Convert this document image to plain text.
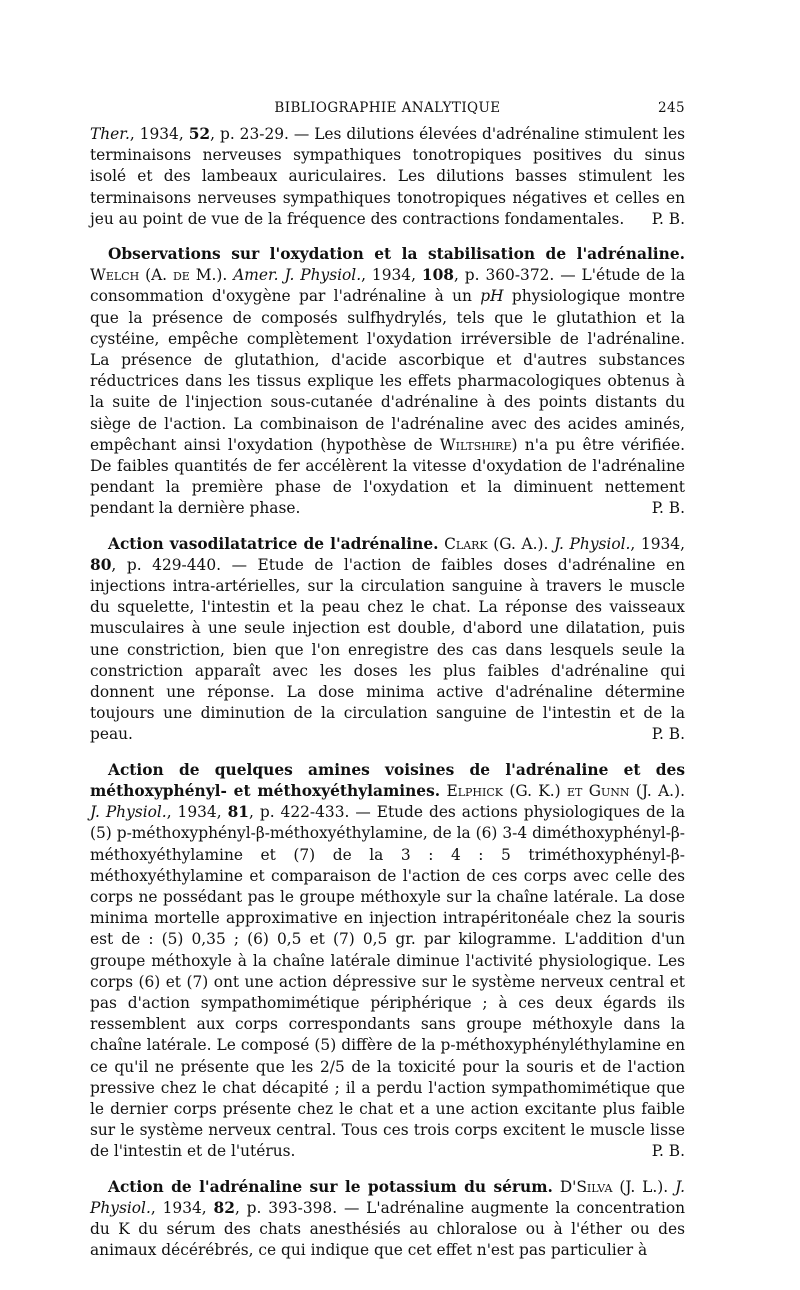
BIBLIOGRAPHIE ANALYTIQUE	245

Ther., 1934, 52, p. 23-29. — Les dilutions élevées d'adrénaline stimulent les terminaisons nerveuses sympathiques tonotropiques positives du sinus isolé et des lambeaux auriculaires. Les dilutions basses stimulent les terminaisons nerveuses sympathiques tonotropiques négatives et celles en jeu au point de vue de la fréquence des contractions fondamentales. P. B.

Observations sur l'oxydation et la stabilisation de l'adrénaline. Welch (A. de M.). Amer. J. Physiol., 1934, 108, p. 360-372. — L'étude de la consommation d'oxygène par l'adrénaline à un pH physiologique montre que la présence de composés sulfhydrylés, tels que le glutathion et la cystéine, empêche complètement l'oxydation irréversible de l'adrénaline. La présence de glutathion, d'acide ascorbique et d'autres substances réductrices dans les tissus explique les effets pharmacologiques obtenus à la suite de l'injection sous-cutanée d'adrénaline à des points distants du siège de l'action. La combinaison de l'adrénaline avec des acides aminés, empêchant ainsi l'oxydation (hypothèse de Wiltshire) n'a pu être vérifiée. De faibles quantités de fer accélèrent la vitesse d'oxydation de l'adrénaline pendant la première phase de l'oxydation et la diminuent nettement pendant la dernière phase.	P. B.

Action vasodilatatrice de l'adrénaline. Clark (G. A.). J. Physiol., 1934, 80, p. 429-440. — Etude de l'action de faibles doses d'adrénaline en injections intra-artérielles, sur la circulation sanguine à travers le muscle du squelette, l'intestin et la peau chez le chat. La réponse des vaisseaux musculaires à une seule injection est double, d'abord une dilatation, puis une constriction, bien que l'on enregistre des cas dans lesquels seule la constriction apparaît avec les doses les plus faibles d'adrénaline qui donnent une réponse. La dose minima active d'adrénaline détermine toujours une diminution de la circulation sanguine de l'intestin et de la peau.	P. B.

Action de quelques amines voisines de l'adrénaline et des méthoxyphényl- et méthoxyéthylamines. Elphick (G. K.) et Gunn (J. A.). J. Physiol., 1934, 81, p. 422-433. — Etude des actions physiologiques de la (5) p-méthoxyphényl-β-méthoxyéthylamine, de la (6) 3-4 diméthoxyphényl-β-méthoxyéthylamine et (7) de la 3 : 4 : 5 triméthoxyphényl-β-méthoxyéthylamine et comparaison de l'action de ces corps avec celle des corps ne possédant pas le groupe méthoxyle sur la chaîne latérale. La dose minima mortelle approximative en injection intrapéritonéale chez la souris est de : (5) 0,35 ; (6) 0,5 et (7) 0,5 gr. par kilogramme. L'addition d'un groupe méthoxyle à la chaîne latérale diminue l'activité physiologique. Les corps (6) et (7) ont une action dépressive sur le système nerveux central et pas d'action sympathomimétique périphérique ; à ces deux égards ils ressemblent aux corps correspondants sans groupe méthoxyle dans la chaîne latérale. Le composé (5) diffère de la p-méthoxyphényléthylamine en ce qu'il ne présente que les 2/5 de la toxicité pour la souris et de l'action pressive chez le chat décapité ; il a perdu l'action sympathomimétique que le dernier corps présente chez le chat et a une action excitante plus faible sur le système nerveux central. Tous ces trois corps excitent le muscle lisse de l'intestin et de l'utérus.	P. B.

Action de l'adrénaline sur le potassium du sérum. D'Silva (J. L.). J. Physiol., 1934, 82, p. 393-398. — L'adrénaline augmente la concentration du K du sérum des chats anesthésiés au chloralose ou à l'éther ou des animaux décérébrés, ce qui indique que cet effet n'est pas particulier à
